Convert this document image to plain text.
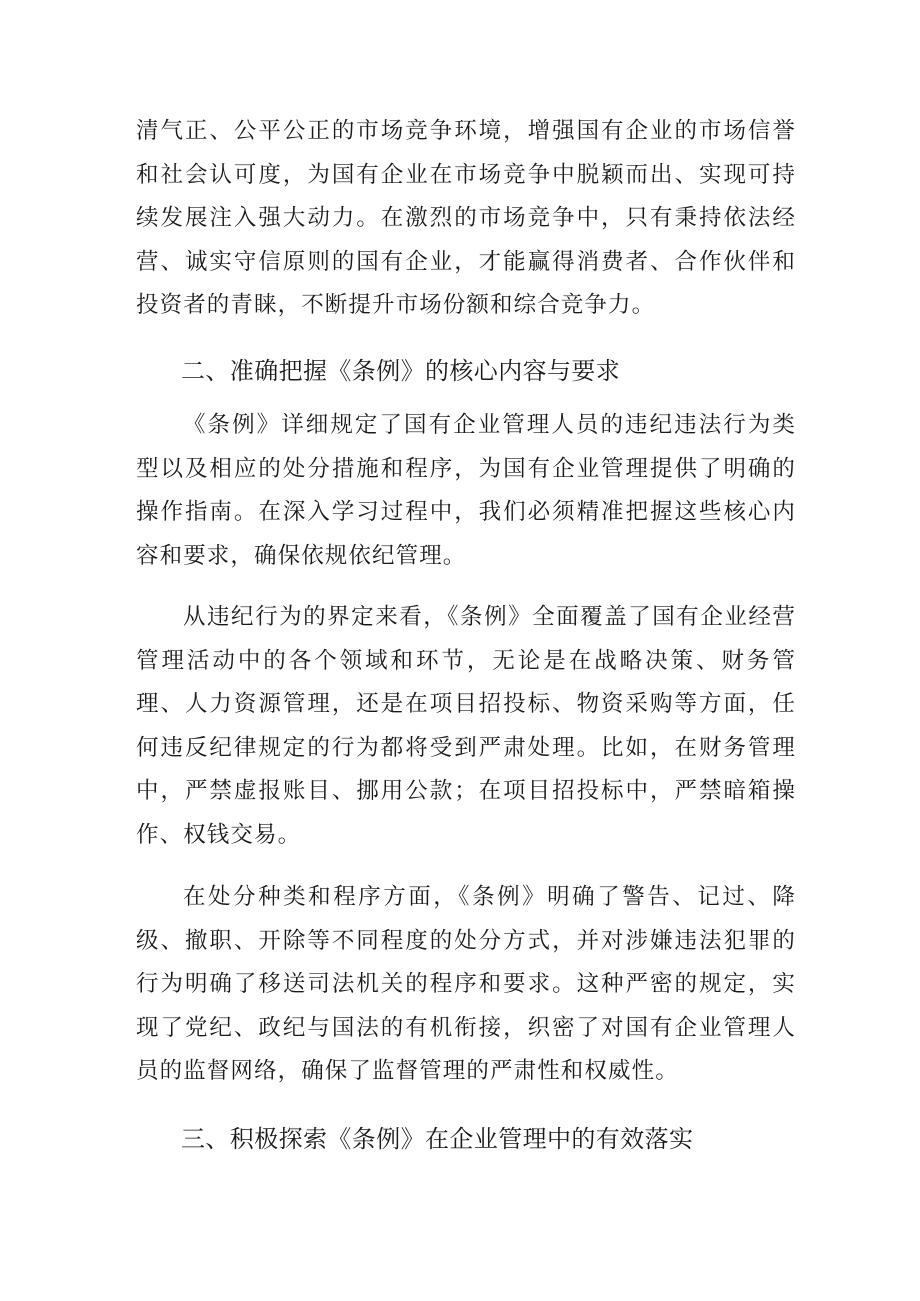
清气正、公平公正的市场竞争环境，增强国有企业的市场信誉和社会认可度，为国有企业在市场竞争中脱颖而出、实现可持续发展注入强大动力。在激烈的市场竞争中，只有秉持依法经营、诚实守信原则的国有企业，才能赢得消费者、合作伙伴和投资者的青睐，不断提升市场份额和综合竞争力。

二、准确把握《条例》的核心内容与要求

《条例》详细规定了国有企业管理人员的违纪违法行为类型以及相应的处分措施和程序，为国有企业管理提供了明确的操作指南。在深入学习过程中，我们必须精准把握这些核心内容和要求，确保依规依纪管理。

从违纪行为的界定来看，《条例》全面覆盖了国有企业经营管理活动中的各个领域和环节，无论是在战略决策、财务管理、人力资源管理，还是在项目招投标、物资采购等方面，任何违反纪律规定的行为都将受到严肃处理。比如，在财务管理中，严禁虚报账目、挪用公款；在项目招投标中，严禁暗箱操作、权钱交易。

在处分种类和程序方面，《条例》明确了警告、记过、降级、撤职、开除等不同程度的处分方式，并对涉嫌违法犯罪的行为明确了移送司法机关的程序和要求。这种严密的规定，实现了党纪、政纪与国法的有机衔接，织密了对国有企业管理人员的监督网络，确保了监督管理的严肃性和权威性。

三、积极探索《条例》在企业管理中的有效落实
